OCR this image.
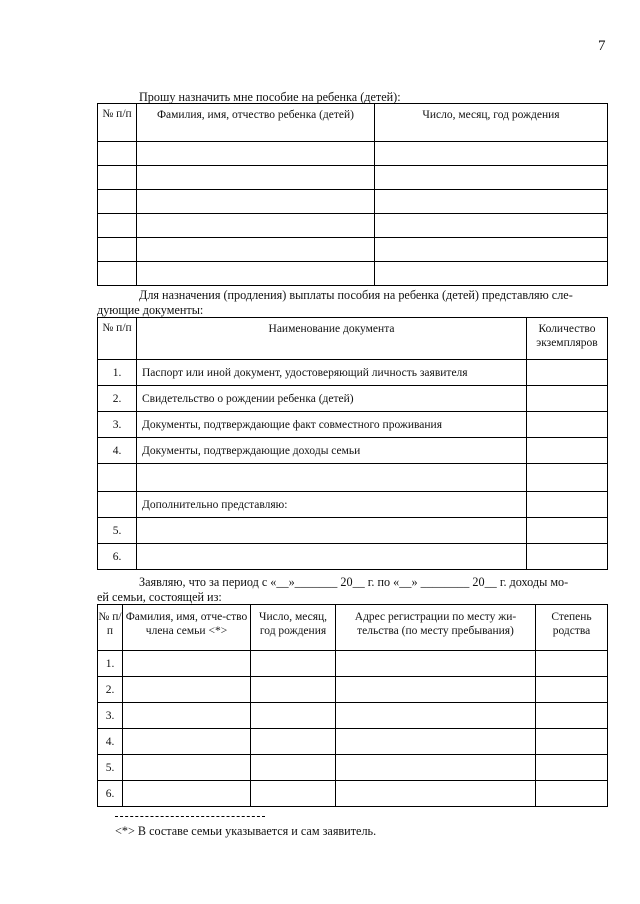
7
Прошу назначить мне пособие на ребенка (детей):
№ п/п	Фамилия, имя, отчество ребенка (детей)	Число, месяц, год рождения

Для назначения (продления) выплаты пособия на ребенка (детей) представляю сле-
дующие документы:
№ п/п	Наименование документа	Количество экземпляров
1.	Паспорт или иной документ, удостоверяющий личность заявителя	
2.	Свидетельство о рождении ребенка (детей)	
3.	Документы, подтверждающие факт совместного проживания	
4.	Документы, подтверждающие доходы семьи	

	Дополнительно представляю:	
5.		
6.		
Заявляю, что за период с «__»_______ 20__ г. по «__» ________ 20__ г. доходы мо-
ей семьи, состоящей из:
№ п/п	Фамилия, имя, отче-ство члена семьи <*>	Число, месяц, год рождения	Адрес регистрации по месту жи-тельства (по месту пребывания)	Степень родства
1.				
2.				
3.				
4.				
5.				
6.				
<*> В составе семьи указывается и сам заявитель.
